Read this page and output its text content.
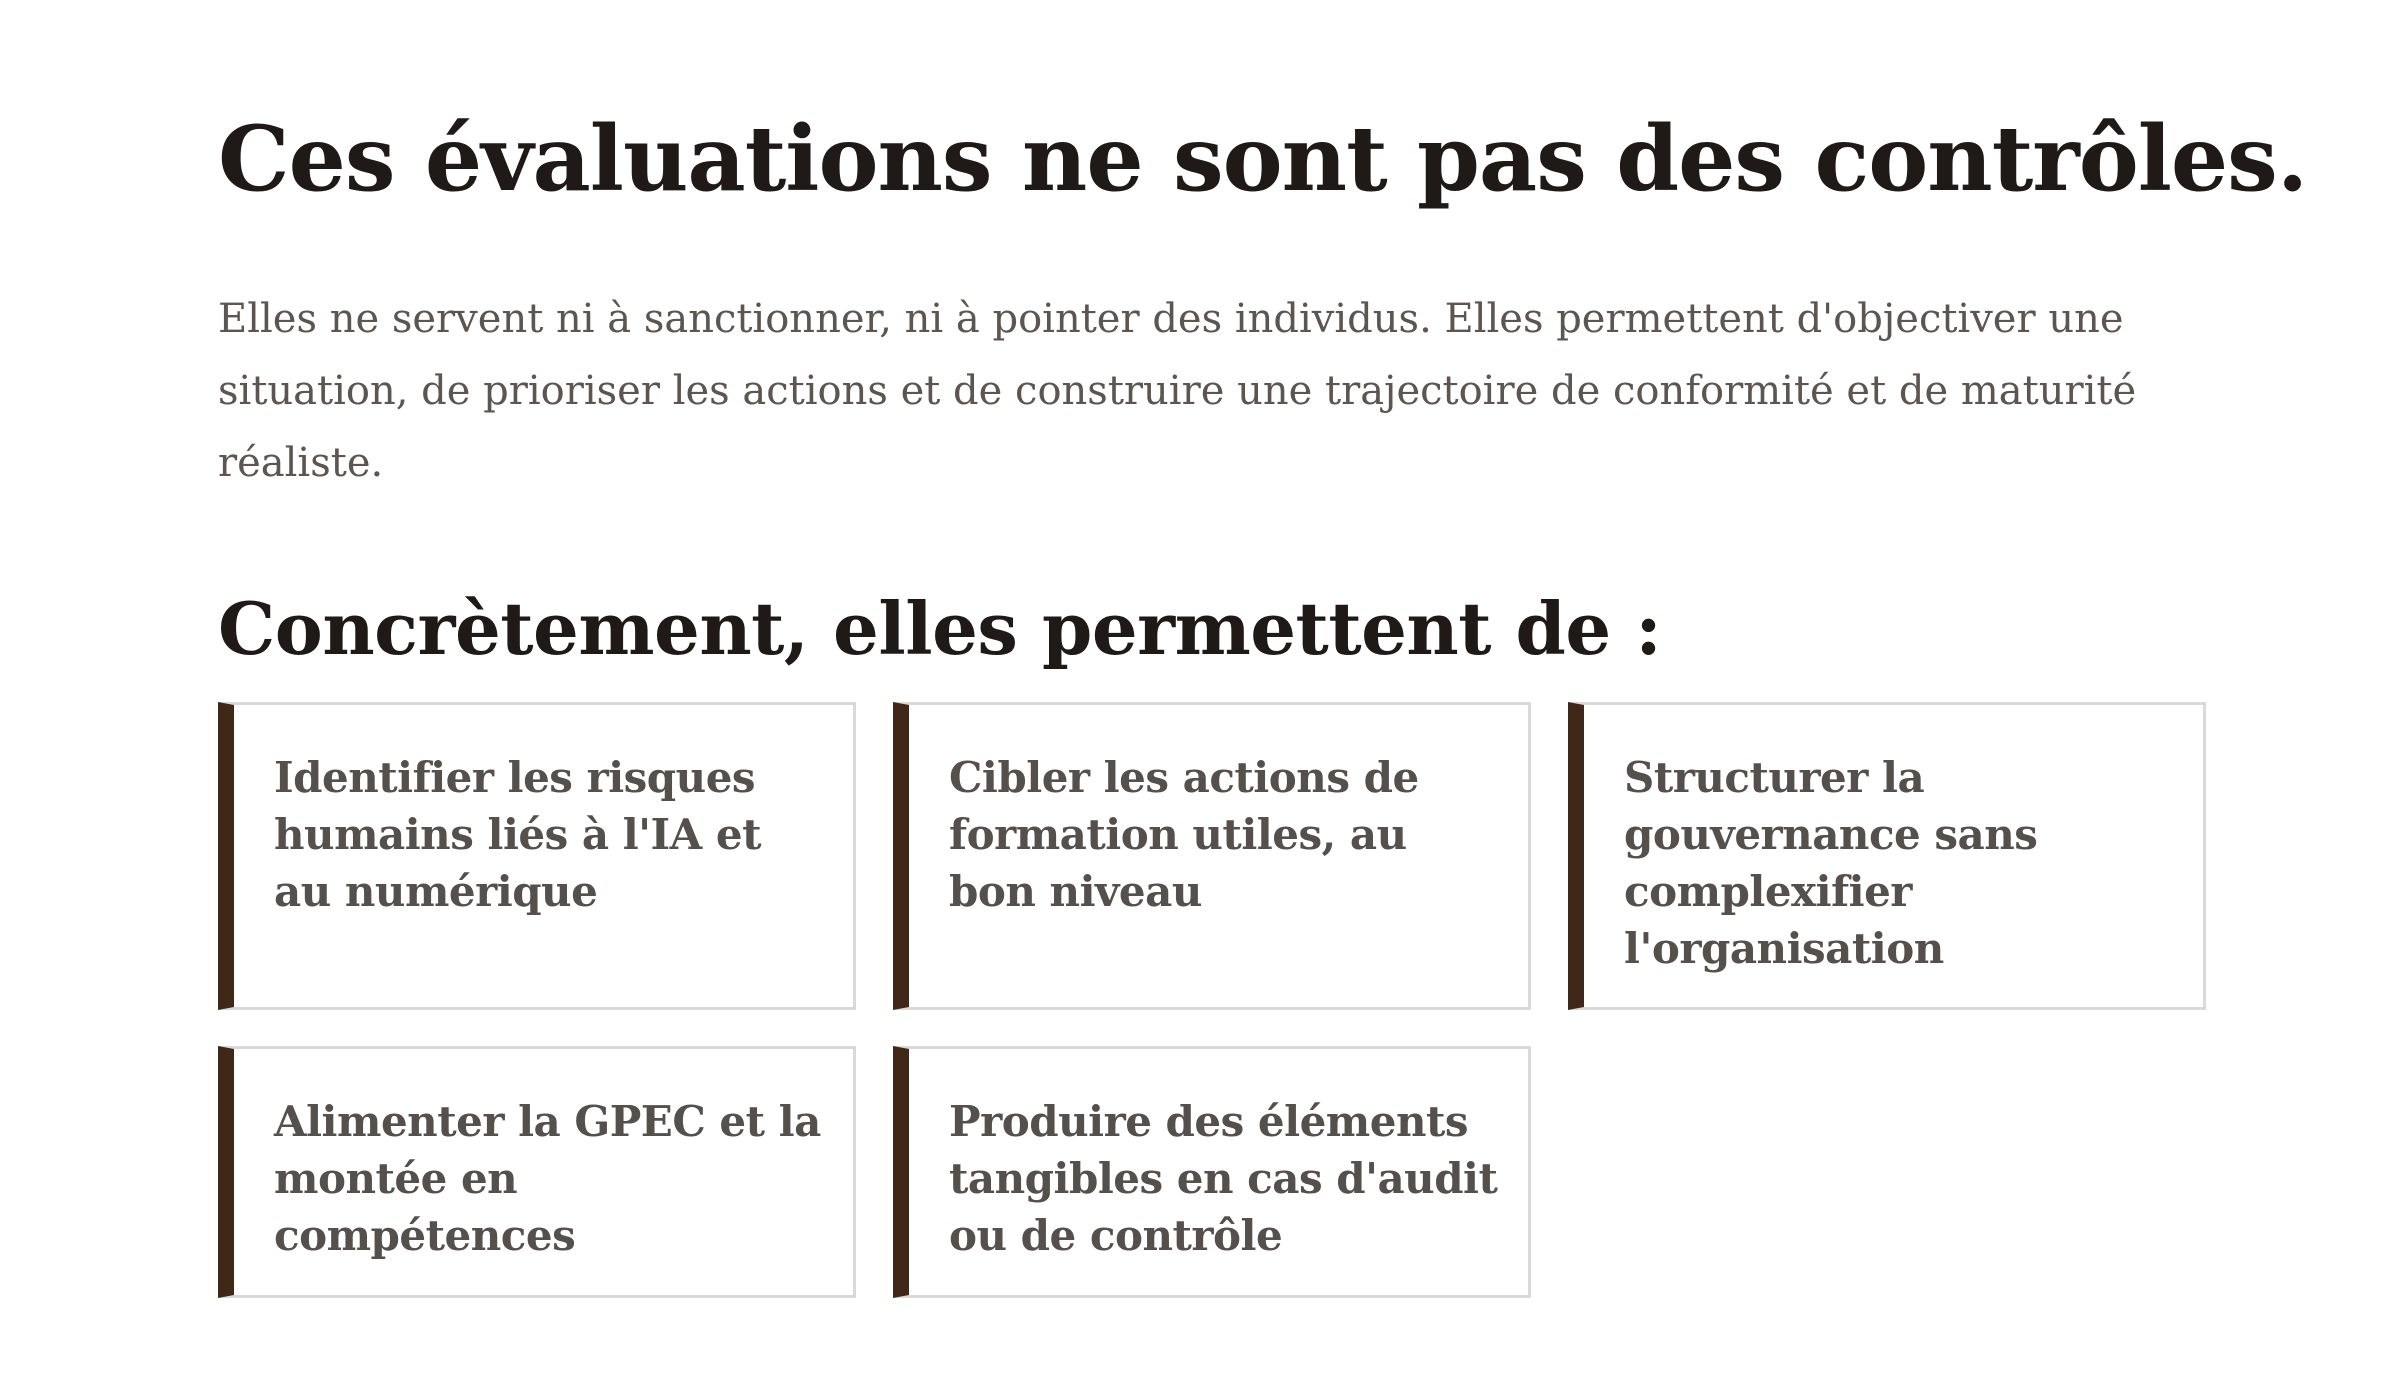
Ces évaluations ne sont pas des contrôles.

Elles ne servent ni à sanctionner, ni à pointer des individus. Elles permettent d'objectiver une situation, de prioriser les actions et de construire une trajectoire de conformité et de maturité réaliste.

Concrètement, elles permettent de :
Identifier les risques humains liés à l'IA et au numérique
Cibler les actions de formation utiles, au bon niveau
Structurer la gouvernance sans complexifier l'organisation
Alimenter la GPEC et la montée en compétences
Produire des éléments tangibles en cas d'audit ou de contrôle
